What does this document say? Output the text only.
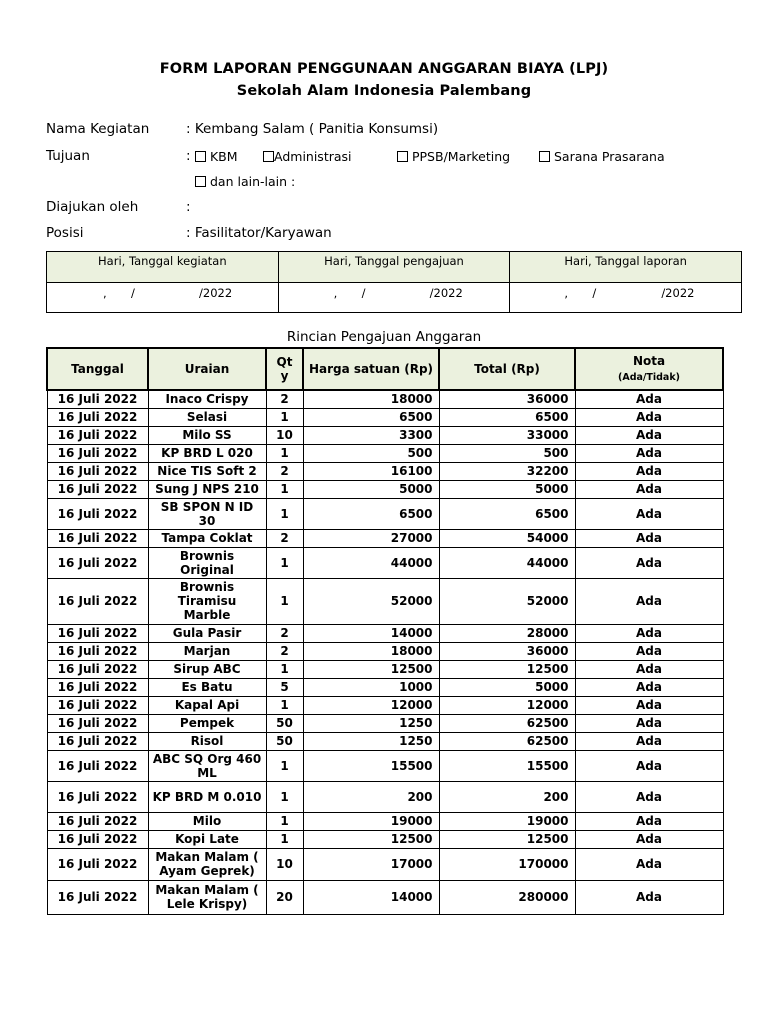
FORM LAPORAN PENGGUNAAN ANGGARAN BIAYA (LPJ)
Sekolah Alam Indonesia Palembang
Nama Kegiatan	: Kembang Salam ( Panitia Konsumsi)
Tujuan	:	KBM	Administrasi	PPSB/Marketing	Sarana Prasarana
dan lain-lain :
Diajukan oleh	:
Posisi	: Fasilitator/Karyawan
Hari, Tanggal kegiatan	Hari, Tanggal pengajuan	Hari, Tanggal laporan

, / /2022	, / /2022	, / /2022
Rincian Pengajuan Anggaran
Tanggal	Uraian	Qt y	Harga satuan (Rp)	Total (Rp)	Nota
(Ada/Tidak)

16 Juli 2022	Inaco Crispy	2	18000	36000	Ada
16 Juli 2022	Selasi	1	6500	6500	Ada
16 Juli 2022	Milo SS	10	3300	33000	Ada
16 Juli 2022	KP BRD L 020	1	500	500	Ada
16 Juli 2022	Nice TIS Soft 2	2	16100	32200	Ada
16 Juli 2022	Sung J NPS 210	1	5000	5000	Ada
16 Juli 2022	SB SPON N ID 30	1	6500	6500	Ada
16 Juli 2022	Tampa Coklat	2	27000	54000	Ada
16 Juli 2022	Brownis Original	1	44000	44000	Ada
16 Juli 2022	Brownis Tiramisu Marble	1	52000	52000	Ada
16 Juli 2022	Gula Pasir	2	14000	28000	Ada
16 Juli 2022	Marjan	2	18000	36000	Ada
16 Juli 2022	Sirup ABC	1	12500	12500	Ada
16 Juli 2022	Es Batu	5	1000	5000	Ada
16 Juli 2022	Kapal Api	1	12000	12000	Ada
16 Juli 2022	Pempek	50	1250	62500	Ada
16 Juli 2022	Risol	50	1250	62500	Ada
16 Juli 2022	ABC SQ Org 460 ML	1	15500	15500	Ada
16 Juli 2022	KP BRD M 0.010	1	200	200	Ada
16 Juli 2022	Milo	1	19000	19000	Ada
16 Juli 2022	Kopi Late	1	12500	12500	Ada
16 Juli 2022	Makan Malam ( Ayam Geprek)	10	17000	170000	Ada
16 Juli 2022	Makan Malam ( Lele Krispy)	20	14000	280000	Ada
